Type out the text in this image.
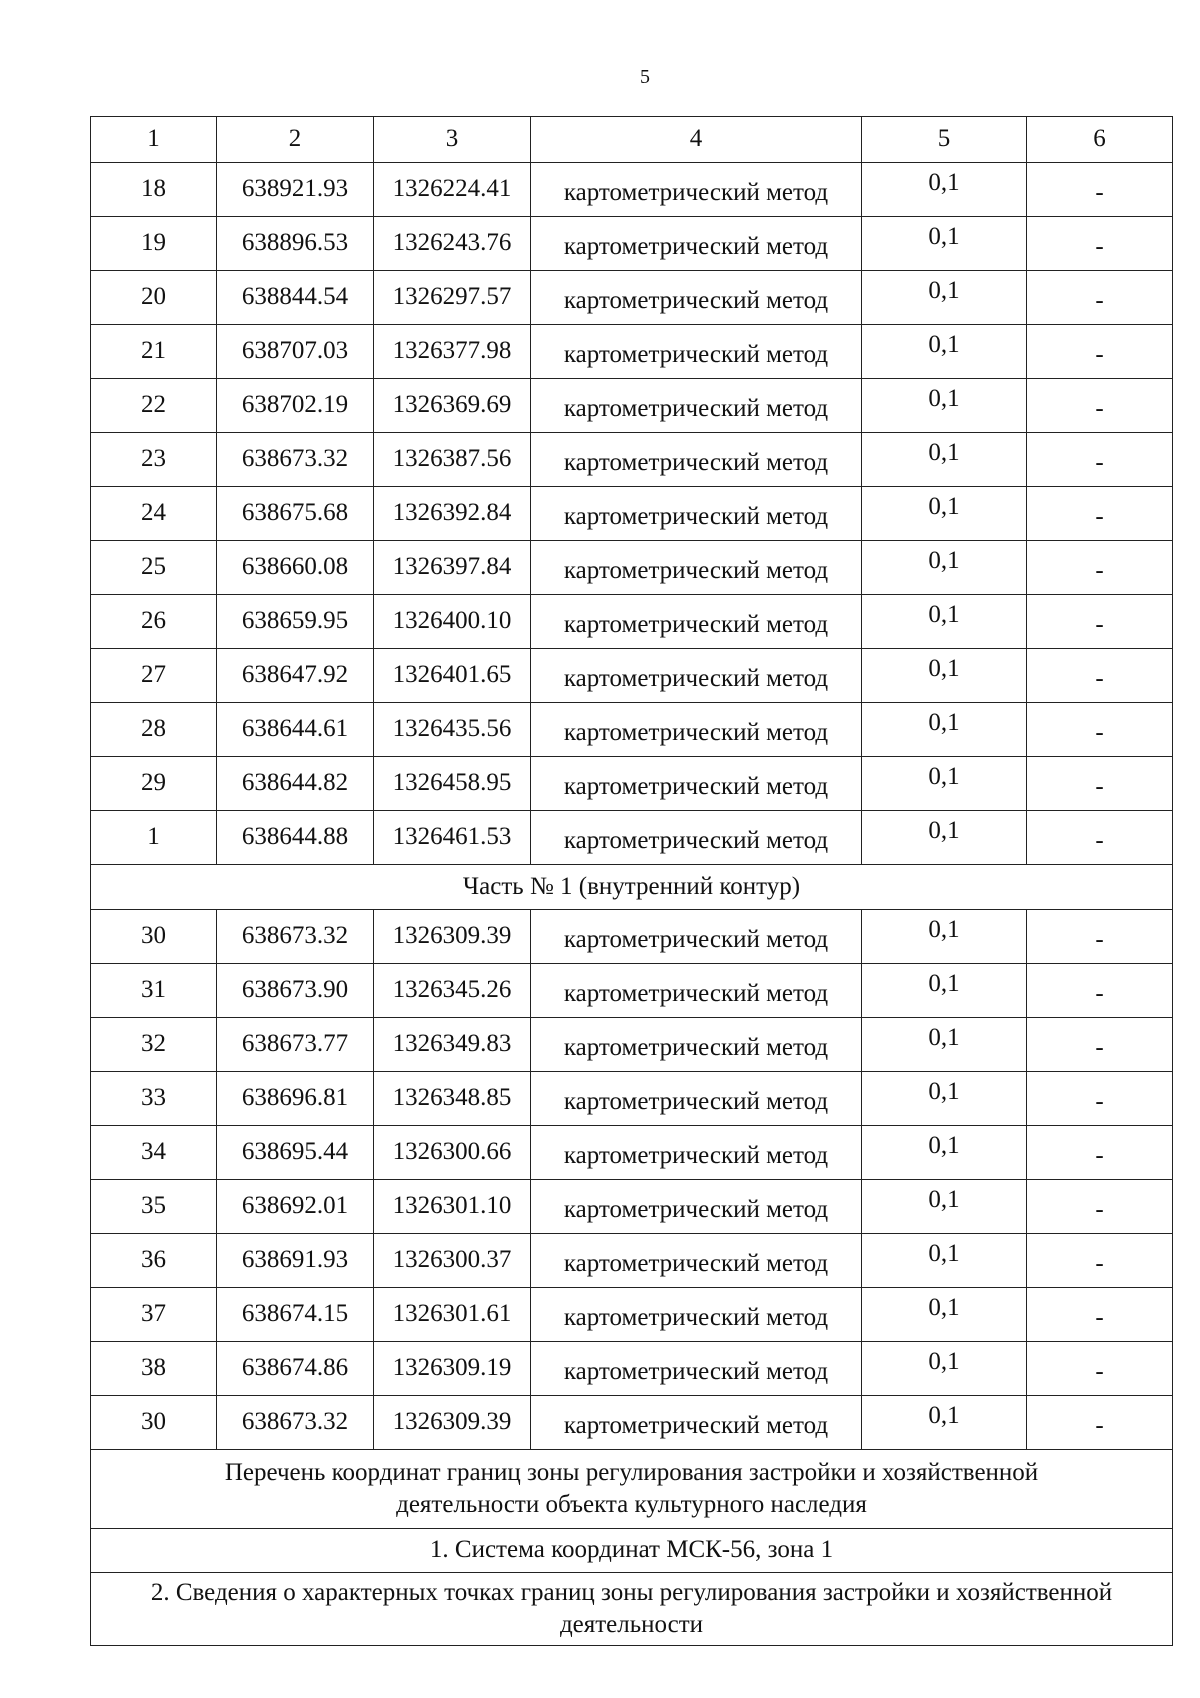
5
1	2	3	4	5	6
18	638921.93	1326224.41	картометрический метод	0,1	-
19	638896.53	1326243.76	картометрический метод	0,1	-
20	638844.54	1326297.57	картометрический метод	0,1	-
21	638707.03	1326377.98	картометрический метод	0,1	-
22	638702.19	1326369.69	картометрический метод	0,1	-
23	638673.32	1326387.56	картометрический метод	0,1	-
24	638675.68	1326392.84	картометрический метод	0,1	-
25	638660.08	1326397.84	картометрический метод	0,1	-
26	638659.95	1326400.10	картометрический метод	0,1	-
27	638647.92	1326401.65	картометрический метод	0,1	-
28	638644.61	1326435.56	картометрический метод	0,1	-
29	638644.82	1326458.95	картометрический метод	0,1	-
1	638644.88	1326461.53	картометрический метод	0,1	-
Часть № 1 (внутренний контур)					
30	638673.32	1326309.39	картометрический метод	0,1	-
31	638673.90	1326345.26	картометрический метод	0,1	-
32	638673.77	1326349.83	картометрический метод	0,1	-
33	638696.81	1326348.85	картометрический метод	0,1	-
34	638695.44	1326300.66	картометрический метод	0,1	-
35	638692.01	1326301.10	картометрический метод	0,1	-
36	638691.93	1326300.37	картометрический метод	0,1	-
37	638674.15	1326301.61	картометрический метод	0,1	-
38	638674.86	1326309.19	картометрический метод	0,1	-
30	638673.32	1326309.39	картометрический метод	0,1	-
Перечень координат границ зоны регулирования застройки и хозяйственной деятельности объекта культурного наследия					
1. Система координат МСК-56, зона 1					
2. Сведения о характерных точках границ зоны регулирования застройки и хозяйственной деятельности					
